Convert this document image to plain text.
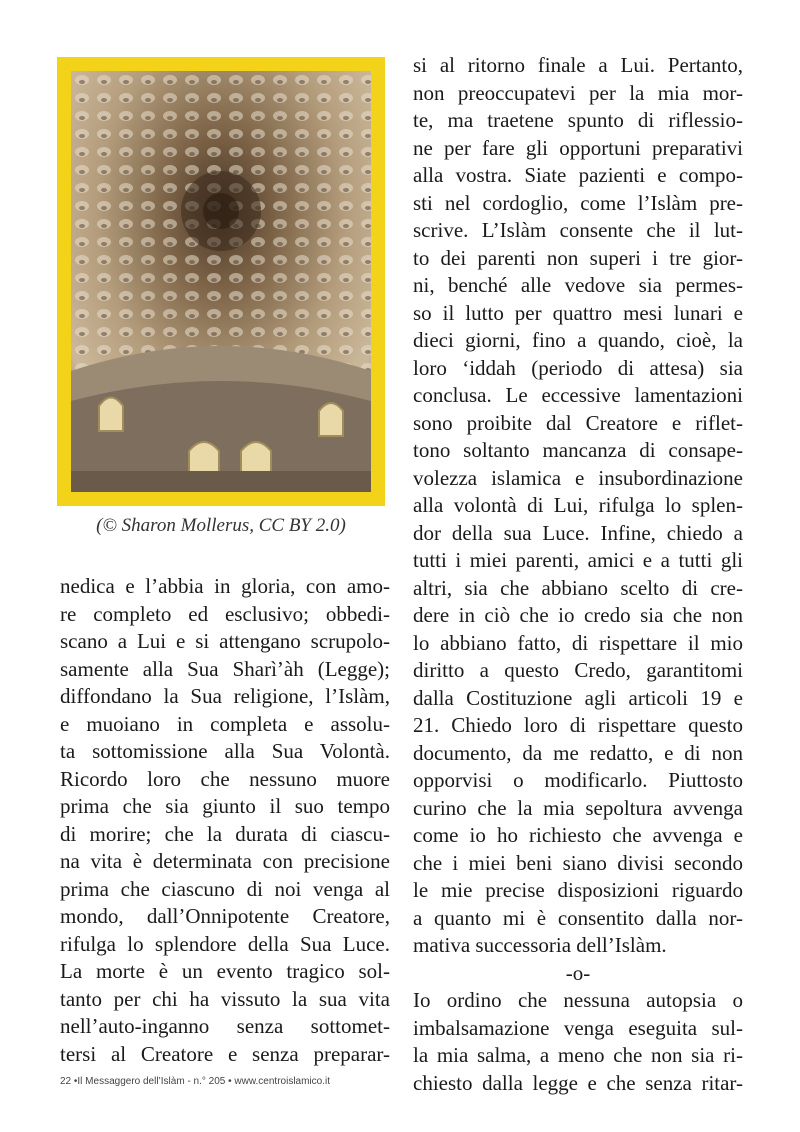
(© Sharon Mollerus, CC BY 2.0)
nedica e l’abbia in gloria, con amo-
re completo ed esclusivo; obbedi-
scano a Lui e si attengano scrupolo-
samente alla Sua Sharì’àh (Legge);
diffondano la Sua religione, l’Islàm,
e muoiano in completa e assolu-
ta sottomissione alla Sua Volontà.
Ricordo loro che nessuno muore
prima che sia giunto il suo tempo
di morire; che la durata di ciascu-
na vita è determinata con precisione
prima che ciascuno di noi venga al
mondo, dall’Onnipotente Creatore,
rifulga lo splendore della Sua Luce.
La morte è un evento tragico sol-
tanto per chi ha vissuto la sua vita
nell’auto-inganno senza sottomet-
tersi al Creatore e senza preparar-
si al ritorno finale a Lui. Pertanto,
non preoccupatevi per la mia mor-
te, ma traetene spunto di riflessio-
ne per fare gli opportuni preparativi
alla vostra. Siate pazienti e compo-
sti nel cordoglio, come l’Islàm pre-
scrive. L’Islàm consente che il lut-
to dei parenti non superi i tre gior-
ni, benché alle vedove sia permes-
so il lutto per quattro mesi lunari e
dieci giorni, fino a quando, cioè, la
loro ‘iddah (periodo di attesa) sia
conclusa. Le eccessive lamentazioni
sono proibite dal Creatore e riflet-
tono soltanto mancanza di consape-
volezza islamica e insubordinazione
alla volontà di Lui, rifulga lo splen-
dor della sua Luce. Infine, chiedo a
tutti i miei parenti, amici e a tutti gli
altri, sia che abbiano scelto di cre-
dere in ciò che io credo sia che non
lo abbiano fatto, di rispettare il mio
diritto a questo Credo, garantitomi
dalla Costituzione agli articoli 19 e
21. Chiedo loro di rispettare questo
documento, da me redatto, e di non
opporvisi o modificarlo. Piuttosto
curino che la mia sepoltura avvenga
come io ho richiesto che avvenga e
che i miei beni siano divisi secondo
le mie precise disposizioni riguardo
a quanto mi è consentito dalla nor-
mativa successoria dell’Islàm.
-o-
Io ordino che nessuna autopsia o
imbalsamazione venga eseguita sul-
la mia salma, a meno che non sia ri-
chiesto dalla legge e che senza ritar-
22 •Il Messaggero dell’Islàm - n.° 205 • www.centroislamico.it
